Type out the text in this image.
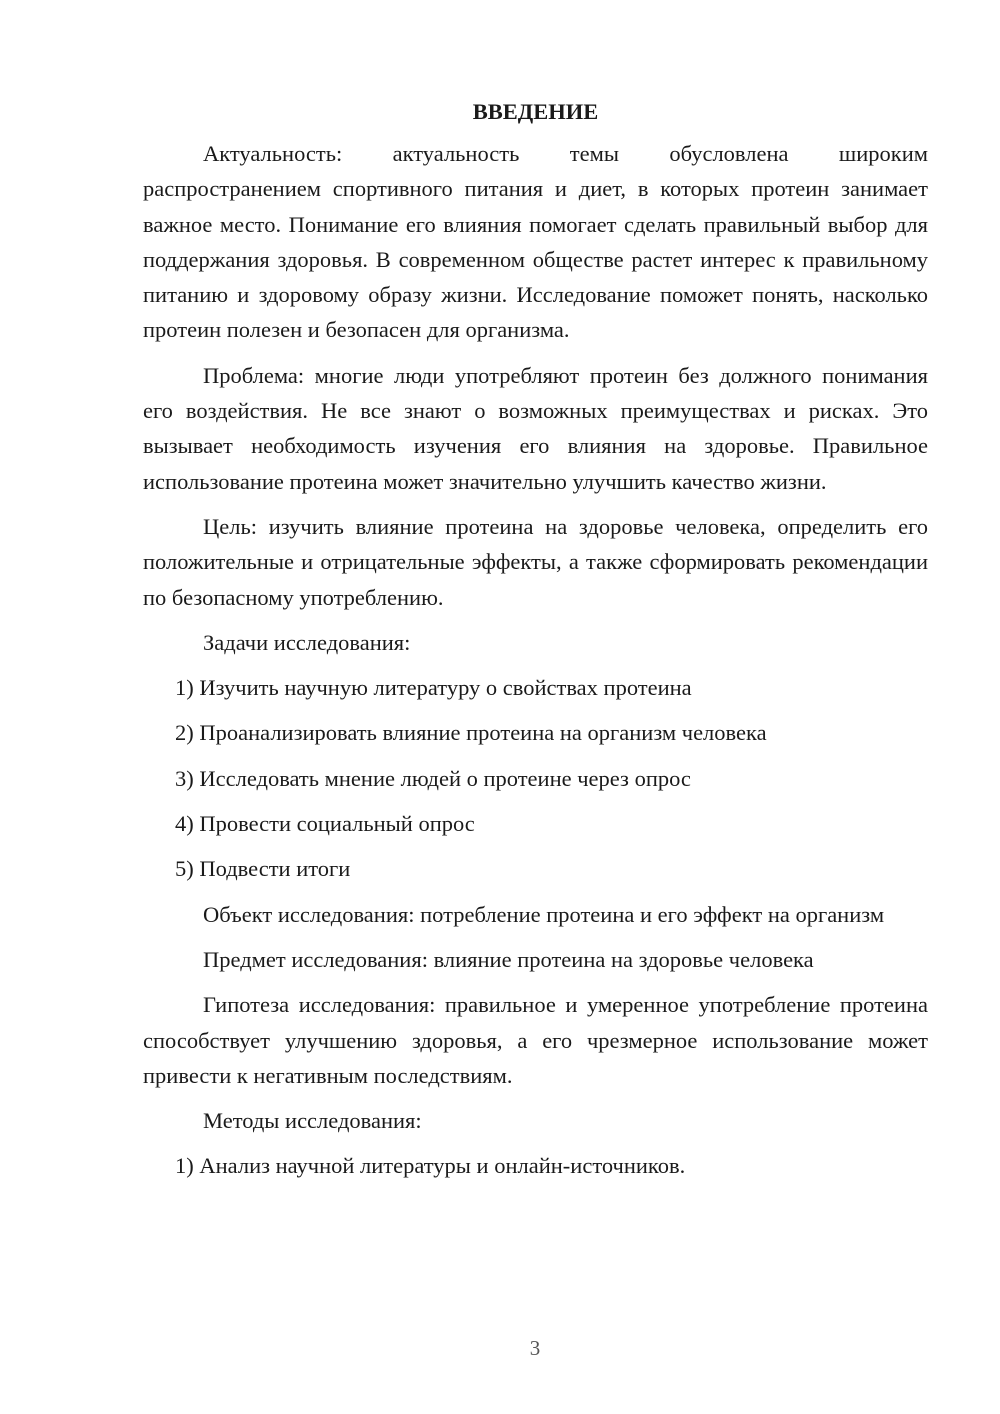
ВВЕДЕНИЕ

Актуальность: актуальность темы обусловлена широким распространением спортивного питания и диет, в которых протеин занимает важное место. Понимание его влияния помогает сделать правильный выбор для поддержания здоровья. В современном обществе растет интерес к правильному питанию и здоровому образу жизни. Исследование поможет понять, насколько протеин полезен и безопасен для организма.

Проблема: многие люди употребляют протеин без должного понимания его воздействия. Не все знают о возможных преимуществах и рисках. Это вызывает необходимость изучения его влияния на здоровье. Правильное использование протеина может значительно улучшить качество жизни.

Цель: изучить влияние протеина на здоровье человека, определить его положительные и отрицательные эффекты, а также сформировать рекомендации по безопасному употреблению.

Задачи исследования:

1) Изучить научную литературу о свойствах протеина
2) Проанализировать влияние протеина на организм человека
3) Исследовать мнение людей о протеине через опрос
4) Провести социальный опрос
5) Подвести итоги

Объект исследования: потребление протеина и его эффект на организм

Предмет исследования: влияние протеина на здоровье человека

Гипотеза исследования: правильное и умеренное употребление протеина способствует улучшению здоровья, а его чрезмерное использование может привести к негативным последствиям.

Методы исследования:

1) Анализ научной литературы и онлайн-источников.
3
